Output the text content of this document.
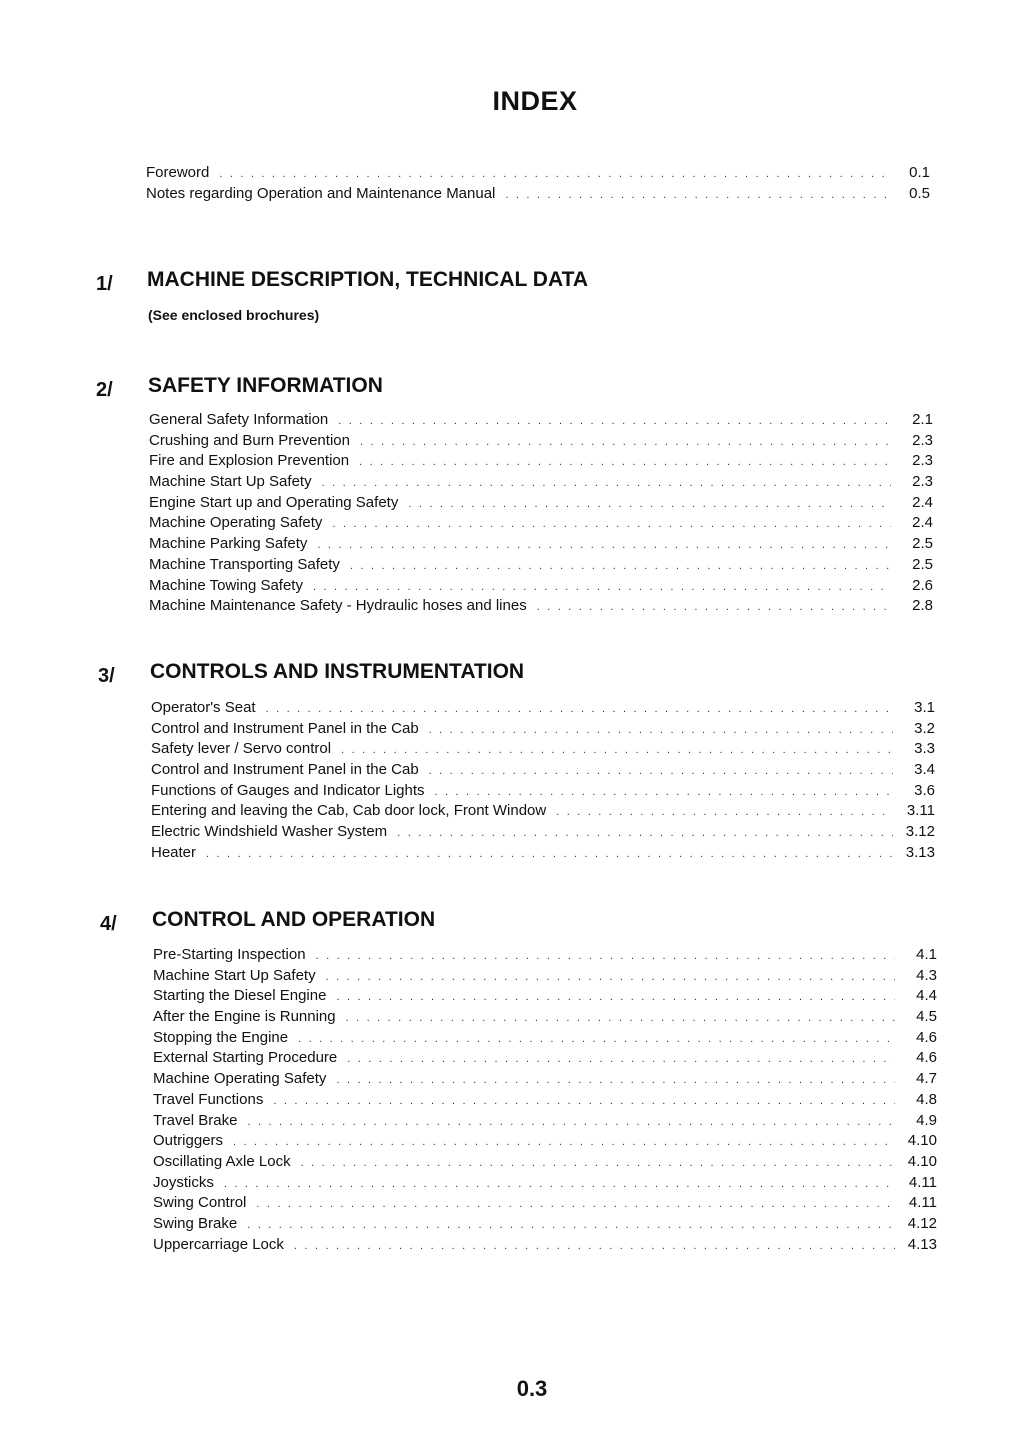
INDEX
Foreword . . .	0.1
Notes regarding Operation and Maintenance Manual . . .	0.5
1/ MACHINE DESCRIPTION, TECHNICAL DATA
(See enclosed brochures)
2/ SAFETY INFORMATION
General Safety Information . . .	2.1
Crushing and Burn Prevention . . .	2.3
Fire and Explosion Prevention . . .	2.3
Machine Start Up Safety . . .	2.3
Engine Start up and Operating Safety . . .	2.4
Machine Operating Safety . . .	2.4
Machine Parking Safety . . .	2.5
Machine Transporting Safety . . .	2.5
Machine Towing Safety . . .	2.6
Machine Maintenance Safety - Hydraulic hoses and lines . . .	2.8
3/ CONTROLS AND INSTRUMENTATION
Operator's Seat . . .	3.1
Control and Instrument Panel in the Cab . . .	3.2
Safety lever / Servo control . . .	3.3
Control and Instrument Panel in the Cab . . .	3.4
Functions of Gauges and Indicator Lights . . .	3.6
Entering and leaving the Cab, Cab door lock, Front Window . . .	3.11
Electric Windshield Washer System . . .	3.12
Heater . . .	3.13
4/ CONTROL AND OPERATION
Pre-Starting Inspection . . .	4.1
Machine Start Up Safety . . .	4.3
Starting the Diesel Engine . . .	4.4
After the Engine is Running . . .	4.5
Stopping the Engine . . .	4.6
External Starting Procedure . . .	4.6
Machine Operating Safety . . .	4.7
Travel Functions . . .	4.8
Travel Brake . . .	4.9
Outriggers . . .	4.10
Oscillating Axle Lock . . .	4.10
Joysticks . . .	4.11
Swing Control . . .	4.11
Swing Brake . . .	4.12
Uppercarriage Lock . . .	4.13
0.3
